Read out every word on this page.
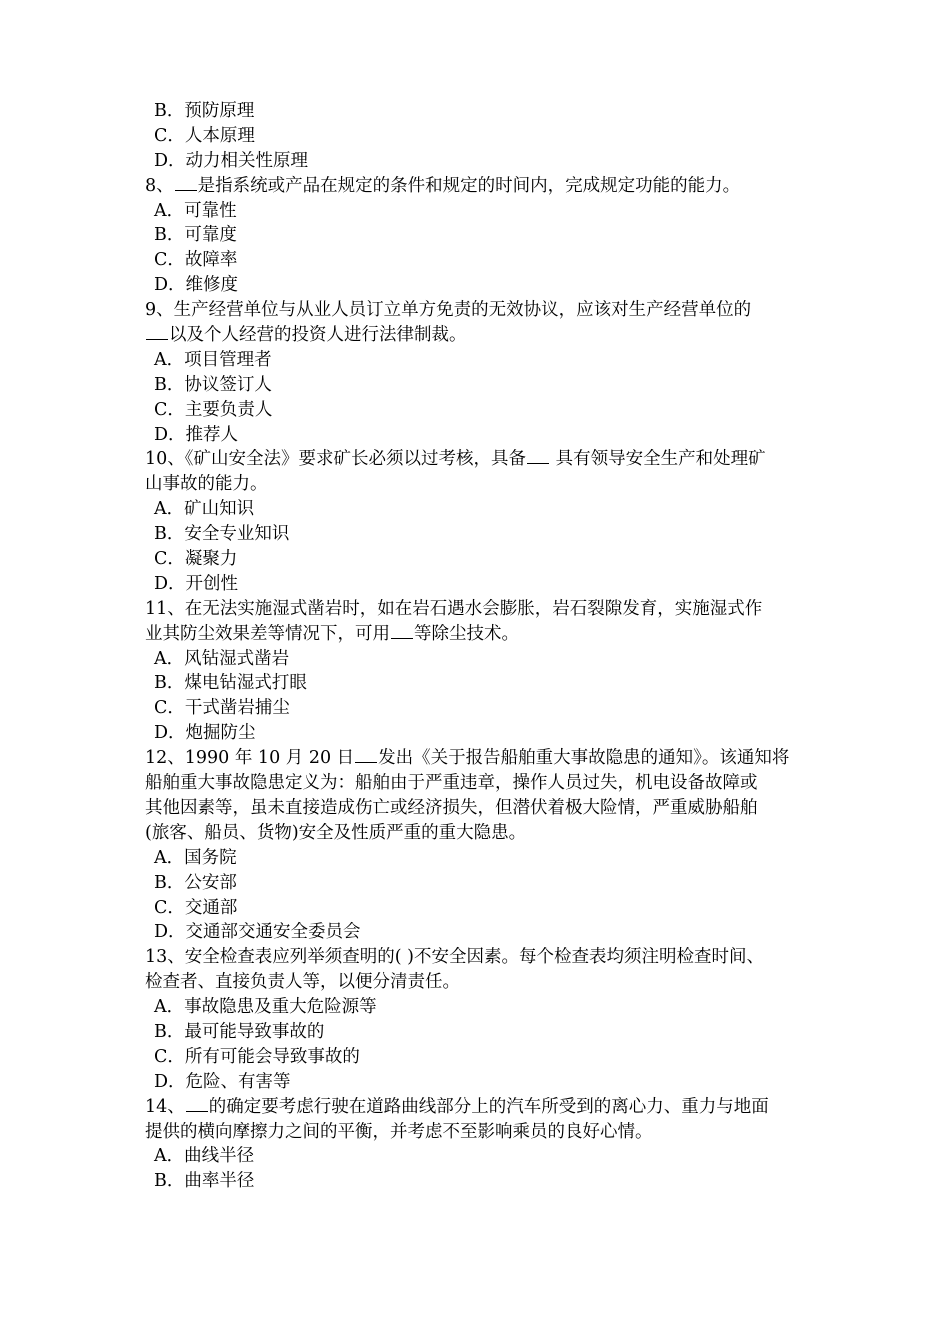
B．预防原理
C．人本原理
D．动力相关性原理
8、 是指系统或产品在规定的条件和规定的时间内，完成规定功能的能力。
A．可靠性
B．可靠度
C．故障率
D．维修度
9、生产经营单位与从业人员订立单方免责的无效协议，应该对生产经营单位的
以及个人经营的投资人进行法律制裁。
A．项目管理者
B．协议签订人
C．主要负责人
D．推荐人
10、《矿山安全法》要求矿长必须以过考核，具备 具有领导安全生产和处理矿
山事故的能力。
A．矿山知识
B．安全专业知识
C．凝聚力
D．开创性
11、在无法实施湿式凿岩时，如在岩石遇水会膨胀，岩石裂隙发育，实施湿式作
业其防尘效果差等情况下，可用 等除尘技术。
A．风钻湿式凿岩
B．煤电钻湿式打眼
C．干式凿岩捕尘
D．炮掘防尘
12、1990 年 10 月 20 日 发出《关于报告船舶重大事故隐患的通知》。该通知将
船舶重大事故隐患定义为：船舶由于严重违章，操作人员过失，机电设备故障或
其他因素等，虽未直接造成伤亡或经济损失，但潜伏着极大险情，严重威胁船舶
(旅客、船员、货物)安全及性质严重的重大隐患。
A．国务院
B．公安部
C．交通部
D．交通部交通安全委员会
13、安全检查表应列举须查明的( )不安全因素。每个检查表均须注明检查时间、
检查者、直接负责人等，以便分清责任。
A．事故隐患及重大危险源等
B．最可能导致事故的
C．所有可能会导致事故的
D．危险、有害等
14、 的确定要考虑行驶在道路曲线部分上的汽车所受到的离心力、重力与地面
提供的横向摩擦力之间的平衡，并考虑不至影响乘员的良好心情。
A．曲线半径
B．曲率半径
